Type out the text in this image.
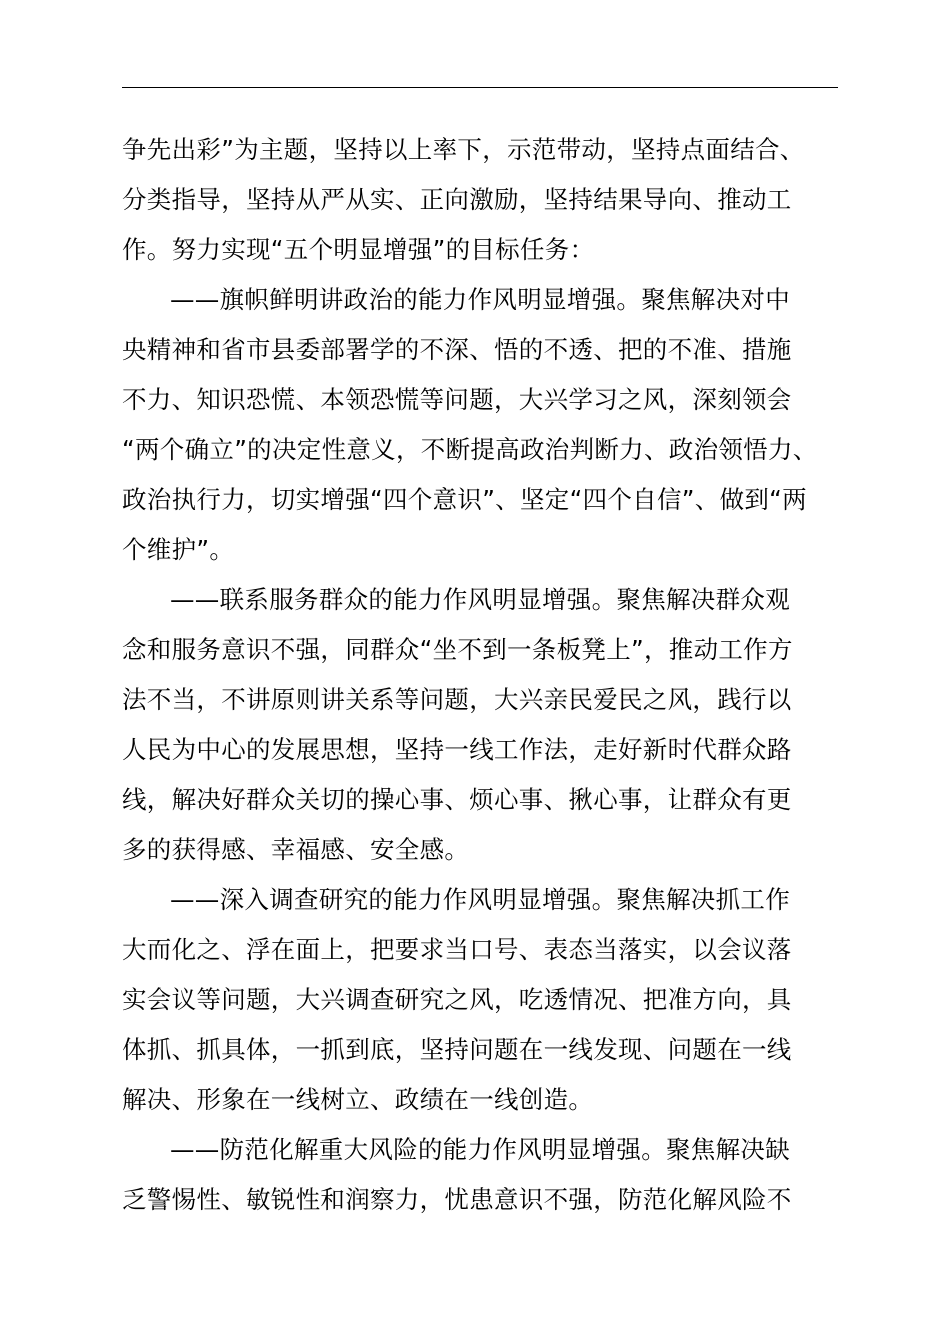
争先出彩”为主题，坚持以上率下，示范带动，坚持点面结合、
分类指导，坚持从严从实、正向激励，坚持结果导向、推动工
作。努力实现“五个明显增强”的目标任务：
——旗帜鲜明讲政治的能力作风明显增强。聚焦解决对中
央精神和省市县委部署学的不深、悟的不透、把的不准、措施
不力、知识恐慌、本领恐慌等问题，大兴学习之风，深刻领会
“两个确立”的决定性意义，不断提高政治判断力、政治领悟力、
政治执行力，切实增强“四个意识”、坚定“四个自信”、做到“两
个维护”。
——联系服务群众的能力作风明显增强。聚焦解决群众观
念和服务意识不强，同群众“坐不到一条板凳上”，推动工作方
法不当，不讲原则讲关系等问题，大兴亲民爱民之风，践行以
人民为中心的发展思想，坚持一线工作法，走好新时代群众路
线，解决好群众关切的操心事、烦心事、揪心事，让群众有更
多的获得感、幸福感、安全感。
——深入调查研究的能力作风明显增强。聚焦解决抓工作
大而化之、浮在面上，把要求当口号、表态当落实，以会议落
实会议等问题，大兴调查研究之风，吃透情况、把准方向，具
体抓、抓具体，一抓到底，坚持问题在一线发现、问题在一线
解决、形象在一线树立、政绩在一线创造。
——防范化解重大风险的能力作风明显增强。聚焦解决缺
乏警惕性、敏锐性和润察力，忧患意识不强，防范化解风险不
